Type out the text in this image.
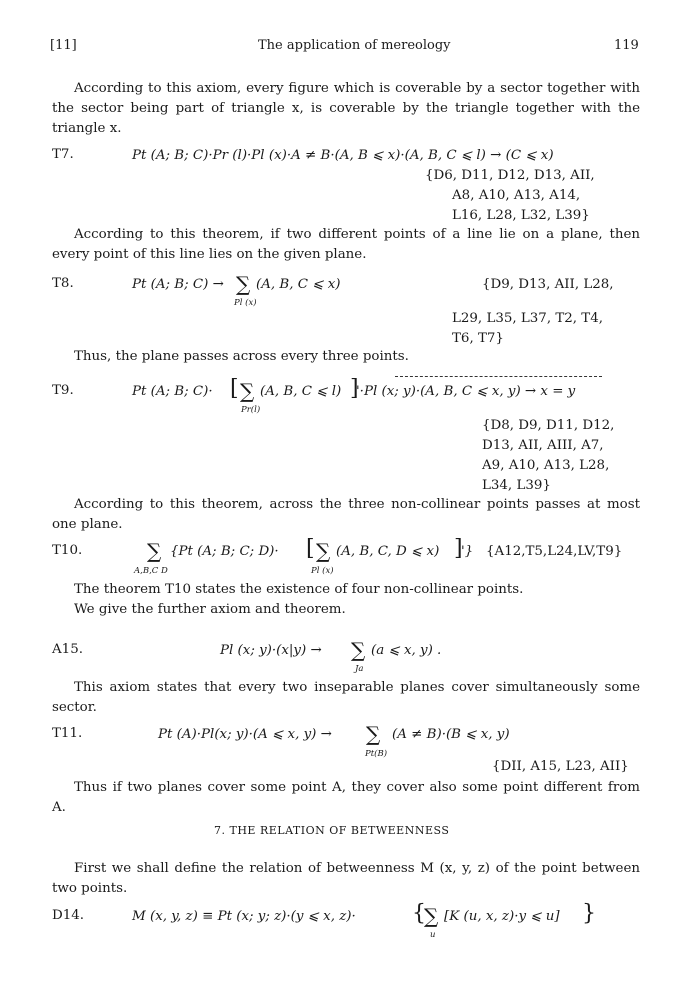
[11]	The application of mereology	119
According to this axiom, every figure which is coverable by a sector together with the sector being part of triangle x, is coverable by the triangle together with the triangle x.
T7.	Pt (A; B; C)·Pr (l)·Pl (x)·A ≠ B·(A, B ⩽ x)·(A, B, C ⩽ l) → (C ⩽ x)
{D6, D11, D12, D13, AII,
A8, A10, A13, A14,
L16, L28, L32, L39}
According to this theorem, if two different points of a line lie on a plane, then every point of this line lies on the given plane.
T8.	Pt (A; B; C) → ∑ (A, B, C ⩽ x)
Pl (x)
{D9, D13, AII, L28,
L29, L35, L37, T2, T4,
T6, T7}
Thus, the plane passes across every three points.
T9.	Pt (A; B; C)· [ ∑ (A, B, C ⩽ l) ]
'·Pl (x; y)·(A, B, C ⩽ x, y) → x = y
Pr(l)
{D8, D9, D11, D12,
D13, AII, AIII, A7,
A9, A10, A13, L28,
L34, L39}
According to this theorem, across the three non-collinear points passes at most one plane.
T10.	∑ {Pt (A; B; C; D)· [ ∑ (A, B, C, D ⩽ x) ]
'}
A,B,C D	Pl (x)
{A12,T5,L24,LV,T9}
The theorem T10 states the existence of four non-collinear points.
We give the further axiom and theorem.
A15.	Pl (x; y)·(x|y) → ∑ (a ⩽ x, y) .
Ja
This axiom states that every two inseparable planes cover simultaneously some sector.
T11.	Pt (A)·Pl(x; y)·(A ⩽ x, y) → ∑ (A ≠ B)·(B ⩽ x, y)
Pt(B)
{DII, A15, L23, AII}
Thus if two planes cover some point A, they cover also some point different from A.
7. THE RELATION OF BETWEENNESS
First we shall define the relation of betweenness M (x, y, z) of the point between two points.
D14.	M (x, y, z) ≡ Pt (x; y; z)·(y ⩽ x, z)·	{
∑ [K (u, x, z)·y ⩽ u] }
u
